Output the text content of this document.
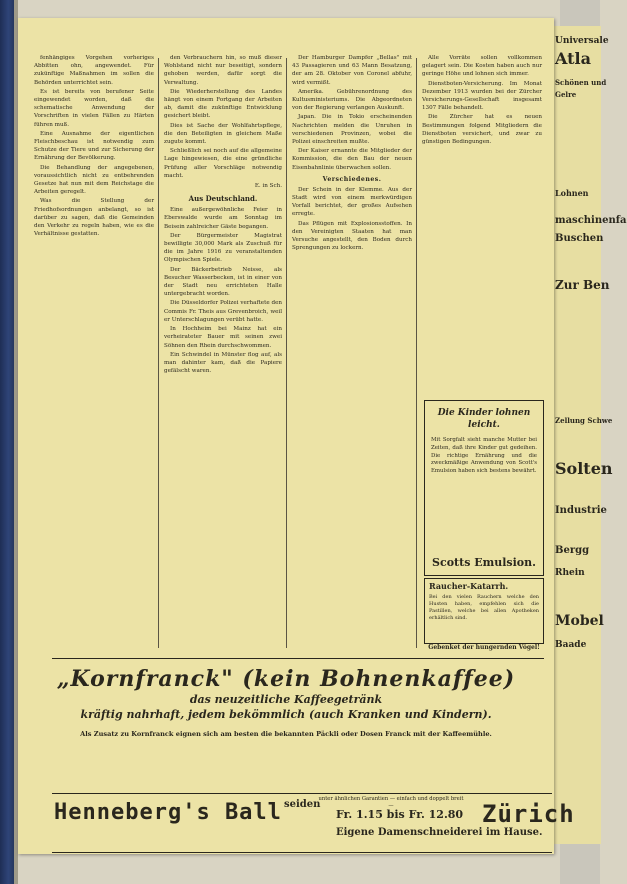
Universale
Atla
Schönen und
Gelre
Lohnen
maschinenfa
Buschen
Zur Ben
Zellung Schwe
Solten
Industrie
Bergg
Mobel
Baade
Rhein

fenhängiges Vorgehen vorheriges Abbitten ohn, angewendet. Für zukünftige Maßnahmen im sollen die Behörden unterrichtet sein.

Es ist bereits von berufener Seite eingewendet worden, daß die schematische Anwendung der Vorschriften in vielen Fällen zu Härten führen muß.

Eine Ausnahme der eigentlichen Fleischbeschau ist notwendig zum Schutze der Tiere und zur Sicherung der Ernährung der Bevölkerung.

Die Behandlung der angegebenen, voraussichtlich nicht zu entbehrenden Gesetze hat nun mit dem Reichstage die Arbeiten geregelt.

Was die Stellung der Friedhofsordnungen anbelangt, so ist darüber zu sagen, daß die Gemeinden den Verkehr zu regeln haben, wie es die Verhältnisse gestatten.

den Verbrauchern hin, so muß dieser Wohlstand nicht nur beseitigt, sondern gehoben werden, dafür sorgt die Verwaltung.

Die Wiederherstellung des Landes hängt von einem Fortgang der Arbeiten ab, damit die zukünftige Entwicklung gesichert bleibt.

Dies ist Sache der Wohlfahrtspflege, die den Beteiligten in gleichem Maße zugute kommt.

Schließlich sei noch auf die allgemeine Lage hingewiesen, die eine gründliche Prüfung aller Vorschläge notwendig macht.

E. in Sch.
Aus Deutschland.

Eine außergewöhnliche Feier in Eberswalde wurde am Sonntag im Beisein zahlreicher Gäste begangen.

Der Bürgermeister Magistrat bewilligte 30,000 Mark als Zuschuß für die im Jahre 1916 zu veranstaltenden Olympischen Spiele.

Der Bäckerbetrieb Neisse, als Besucher Wasserbecken, ist in einer von der Stadt neu errichteten Halle untergebracht worden.

Die Düsseldorfer Polizei verhaftete den Commis Fr. Theis aus Grevenbroich, weil er Unterschlagungen verübt hatte.

In Hochheim bei Mainz hat ein verheirateter Bauer mit seinen zwei Söhnen den Rhein durchschwommen.

Ein Schwindel in Münster flog auf, als man dahinter kam, daß die Papiere gefälscht waren.

Der Hamburger Dampfer „Bellas" mit 43 Passagieren und 63 Mann Besatzung, der am 28. Oktober von Coronel abfuhr, wird vermißt.

Amerika. Gebührenordnung des Kultusministeriums. Die Abgeordneten von der Regierung verlangen Auskunft.

Japan. Die in Tokio erscheinenden Nachrichten melden die Unruhen in verschiedenen Provinzen, wobei die Polizei einschreiten mußte.

Der Kaiser ernannte die Mitglieder der Kommission, die den Bau der neuen Eisenbahnlinie überwachen sollen.

Verschiedenes.

Der Schein in der Klemme. Aus der Stadt wird von einem merkwürdigen Vorfall berichtet, der großes Aufsehen erregte.

Das Pflügen mit Explosionsstoffen. In den Vereinigten Staaten hat man Versuche angestellt, den Boden durch Sprengungen zu lockern.

Alle Vorräte sollen vollkommen gelagert sein. Die Kosten haben auch nur geringe Höhe und lohnen sich immer.

Dienstboten-Versicherung. Im Monat Dezember 1913 wurden bei der Zürcher Versicherungs-Gesellschaft insgesamt 1307 Fälle behandelt.

Die Zürcher hat es neuen Bestimmungen folgend Mitgliedern die Dienstboten versichert, und zwar zu günstigen Bedingungen.

Die Kinder lohnen leicht.
Mit Sorgfalt sieht manche Mutter bei Zeiten, daß ihre Kinder gut gedeihen. Die richtige Ernährung und die zweckmäßige Anwendung von Scott's Emulsion haben sich bestens bewährt.
Scotts Emulsion.
Raucher-Katarrh.
Bei den vielen Rauchern welche den Husten haben, empfehlen sich die Pastillen, welche bei allen Apotheken erhältlich sind.
Gebenket der hungernden Vögel!
„Kornfranck" (kein Bohnenkaffee)
das neuzeitliche Kaffeegetränk
kräftig nahrhaft, jedem bekömmlich (auch Kranken und Kindern).
Als Zusatz zu Kornfranck eignen sich am besten die bekannten Päckli oder Dosen Franck mit der Kaffeemühle.
Henneberg's Ball seiden
unter ähnlichen Garantien — einfach und doppelt breit —
Fr. 1.15 bis Fr. 12.80
Eigene Damenschneiderei im Hause.
Zürich
